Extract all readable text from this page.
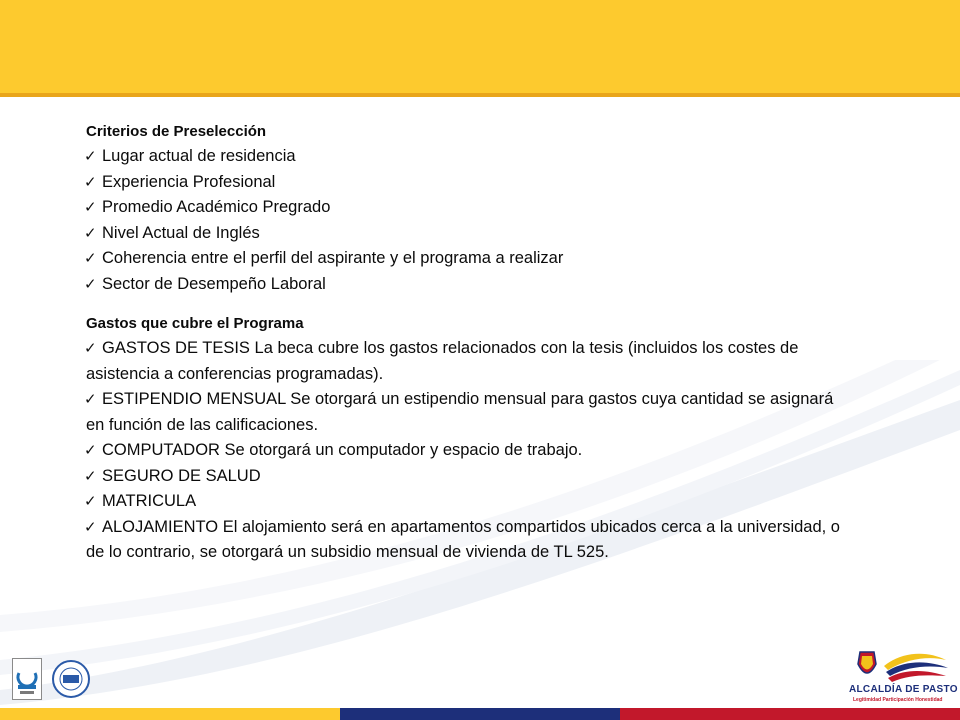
Criterios de Preselección

✓ Lugar actual de residencia
✓ Experiencia Profesional
✓ Promedio Académico Pregrado
✓ Nivel Actual de Inglés
✓ Coherencia entre el perfil del aspirante y el programa a realizar
✓ Sector de Desempeño Laboral

Gastos que cubre el Programa

✓ GASTOS DE TESIS La beca cubre los gastos relacionados con la tesis (incluidos los costes de asistencia a conferencias programadas).
✓ ESTIPENDIO MENSUAL Se otorgará un estipendio mensual para gastos cuya cantidad se asignará en función de las calificaciones.
✓ COMPUTADOR Se otorgará un computador y espacio de trabajo.
✓ SEGURO DE SALUD
✓ MATRICULA
✓ ALOJAMIENTO El alojamiento será en apartamentos compartidos ubicados cerca a la universidad, o de lo contrario, se otorgará un subsidio mensual de vivienda de TL 525.
ALCALDÍA DE PASTO
Legitimidad Participación Honestidad
